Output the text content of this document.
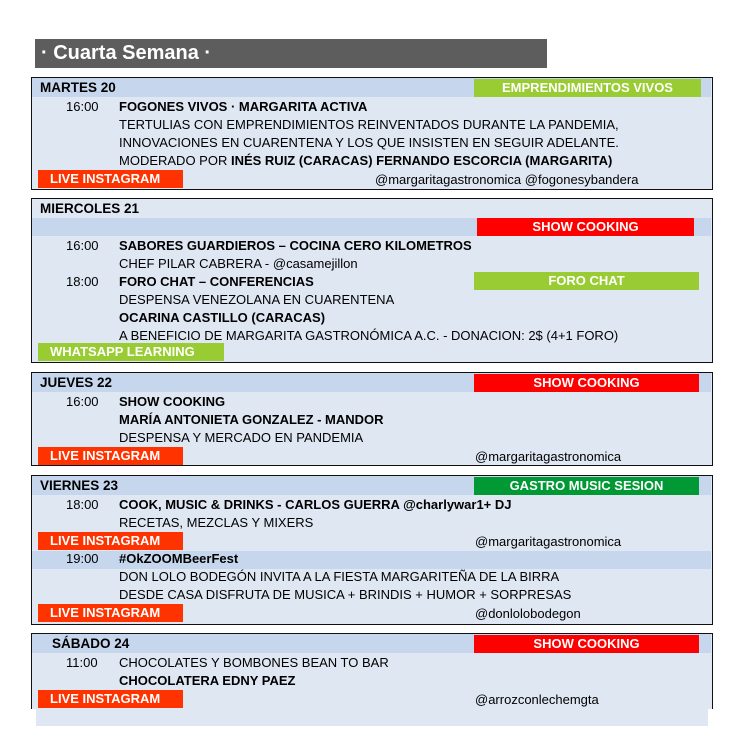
· Cuarta Semana ·
MARTES 20	EMPRENDIMIENTOS VIVOS
16:00 FOGONES VIVOS · MARGARITA ACTIVA
TERTULIAS CON EMPRENDIMIENTOS REINVENTADOS DURANTE LA PANDEMIA,
INNOVACIONES EN CUARENTENA Y LOS QUE INSISTEN EN SEGUIR ADELANTE.
MODERADO POR INÉS RUIZ (CARACAS) FERNANDO ESCORCIA (MARGARITA)
LIVE INSTAGRAM	@margaritagastronomica @fogonesybandera
MIERCOLES 21
SHOW COOKING
16:00 SABORES GUARDIEROS – COCINA CERO KILOMETROS
CHEF PILAR CABRERA - @casamejillon
18:00 FORO CHAT – CONFERENCIAS	FORO CHAT
DESPENSA VENEZOLANA EN CUARENTENA
OCARINA CASTILLO (CARACAS)
A BENEFICIO DE MARGARITA GASTRONÓMICA A.C. - DONACION: 2$ (4+1 FORO)
WHATSAPP LEARNING
JUEVES 22	SHOW COOKING
16:00 SHOW COOKING
MARÍA ANTONIETA GONZALEZ - MANDOR
DESPENSA Y MERCADO EN PANDEMIA
LIVE INSTAGRAM	@margaritagastronomica
VIERNES 23	GASTRO MUSIC SESION
18:00 COOK, MUSIC & DRINKS - CARLOS GUERRA @charlywar1+ DJ
RECETAS, MEZCLAS Y MIXERS
LIVE INSTAGRAM	@margaritagastronomica
19:00 #OkZOOMBeerFest
DON LOLO BODEGÓN INVITA A LA FIESTA MARGARITEÑA DE LA BIRRA
DESDE CASA DISFRUTA DE MUSICA + BRINDIS + HUMOR + SORPRESAS
LIVE INSTAGRAM	@donlolobodegon
SÁBADO 24	SHOW COOKING
11:00 CHOCOLATES Y BOMBONES BEAN TO BAR
CHOCOLATERA EDNY PAEZ
LIVE INSTAGRAM	@arrozconlechemgta
